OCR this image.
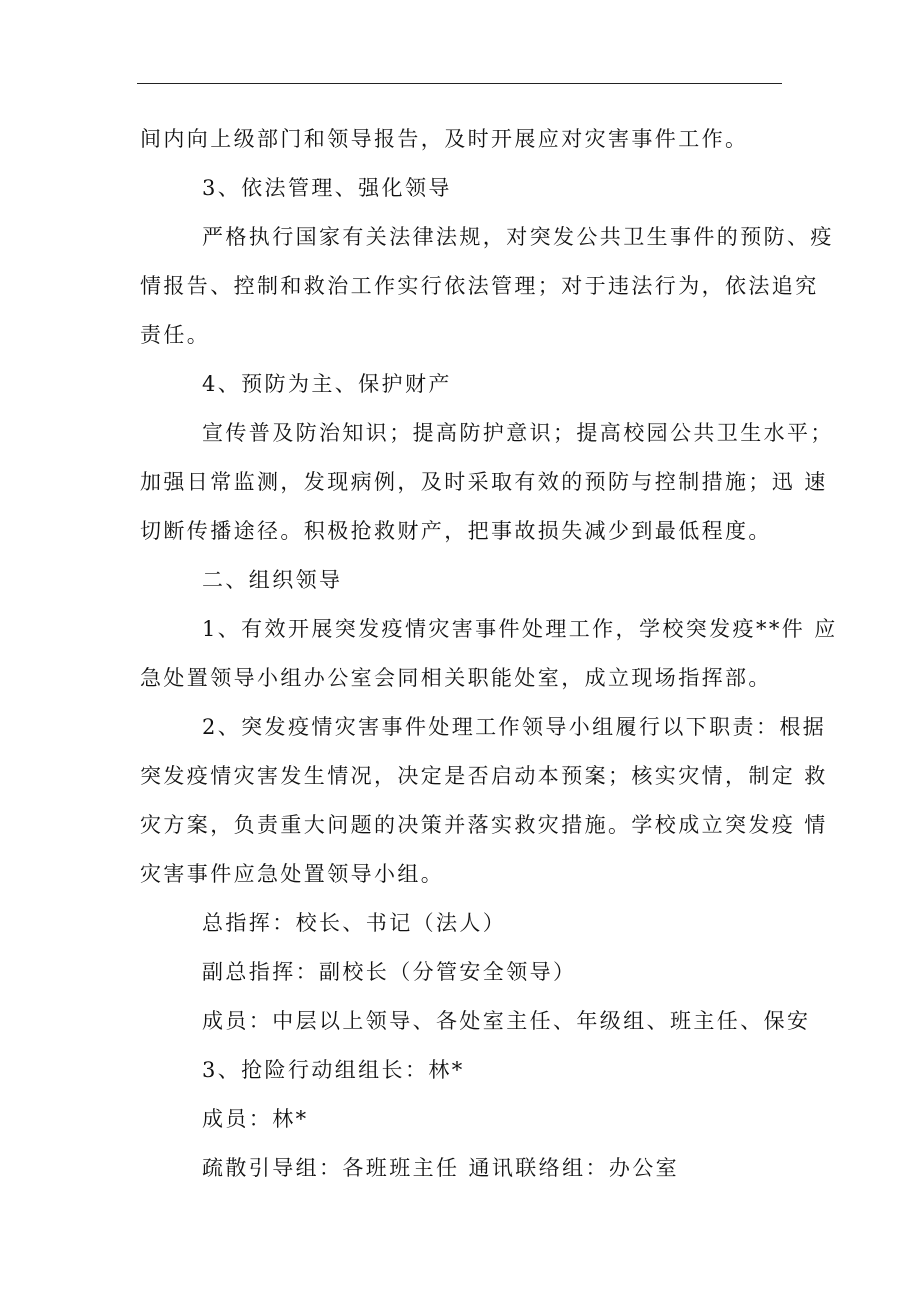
间内向上级部门和领导报告，及时开展应对灾害事件工作。
3、依法管理、强化领导
严格执行国家有关法律法规，对突发公共卫生事件的预防、疫
情报告、控制和救治工作实行依法管理；对于违法行为，依法追究
责任。
4、预防为主、保护财产
宣传普及防治知识；提高防护意识；提高校园公共卫生水平；
加强日常监测，发现病例，及时采取有效的预防与控制措施；迅 速
切断传播途径。积极抢救财产，把事故损失减少到最低程度。
二、组织领导
1、有效开展突发疫情灾害事件处理工作，学校突发疫**件 应
急处置领导小组办公室会同相关职能处室，成立现场指挥部。
2、突发疫情灾害事件处理工作领导小组履行以下职责：根据
突发疫情灾害发生情况，决定是否启动本预案；核实灾情，制定 救
灾方案，负责重大问题的决策并落实救灾措施。学校成立突发疫 情
灾害事件应急处置领导小组。
总指挥：校长、书记（法人）
副总指挥：副校长（分管安全领导）
成员：中层以上领导、各处室主任、年级组、班主任、保安
3、抢险行动组组长：林*
成员：林*
疏散引导组：各班班主任 通讯联络组：办公室
